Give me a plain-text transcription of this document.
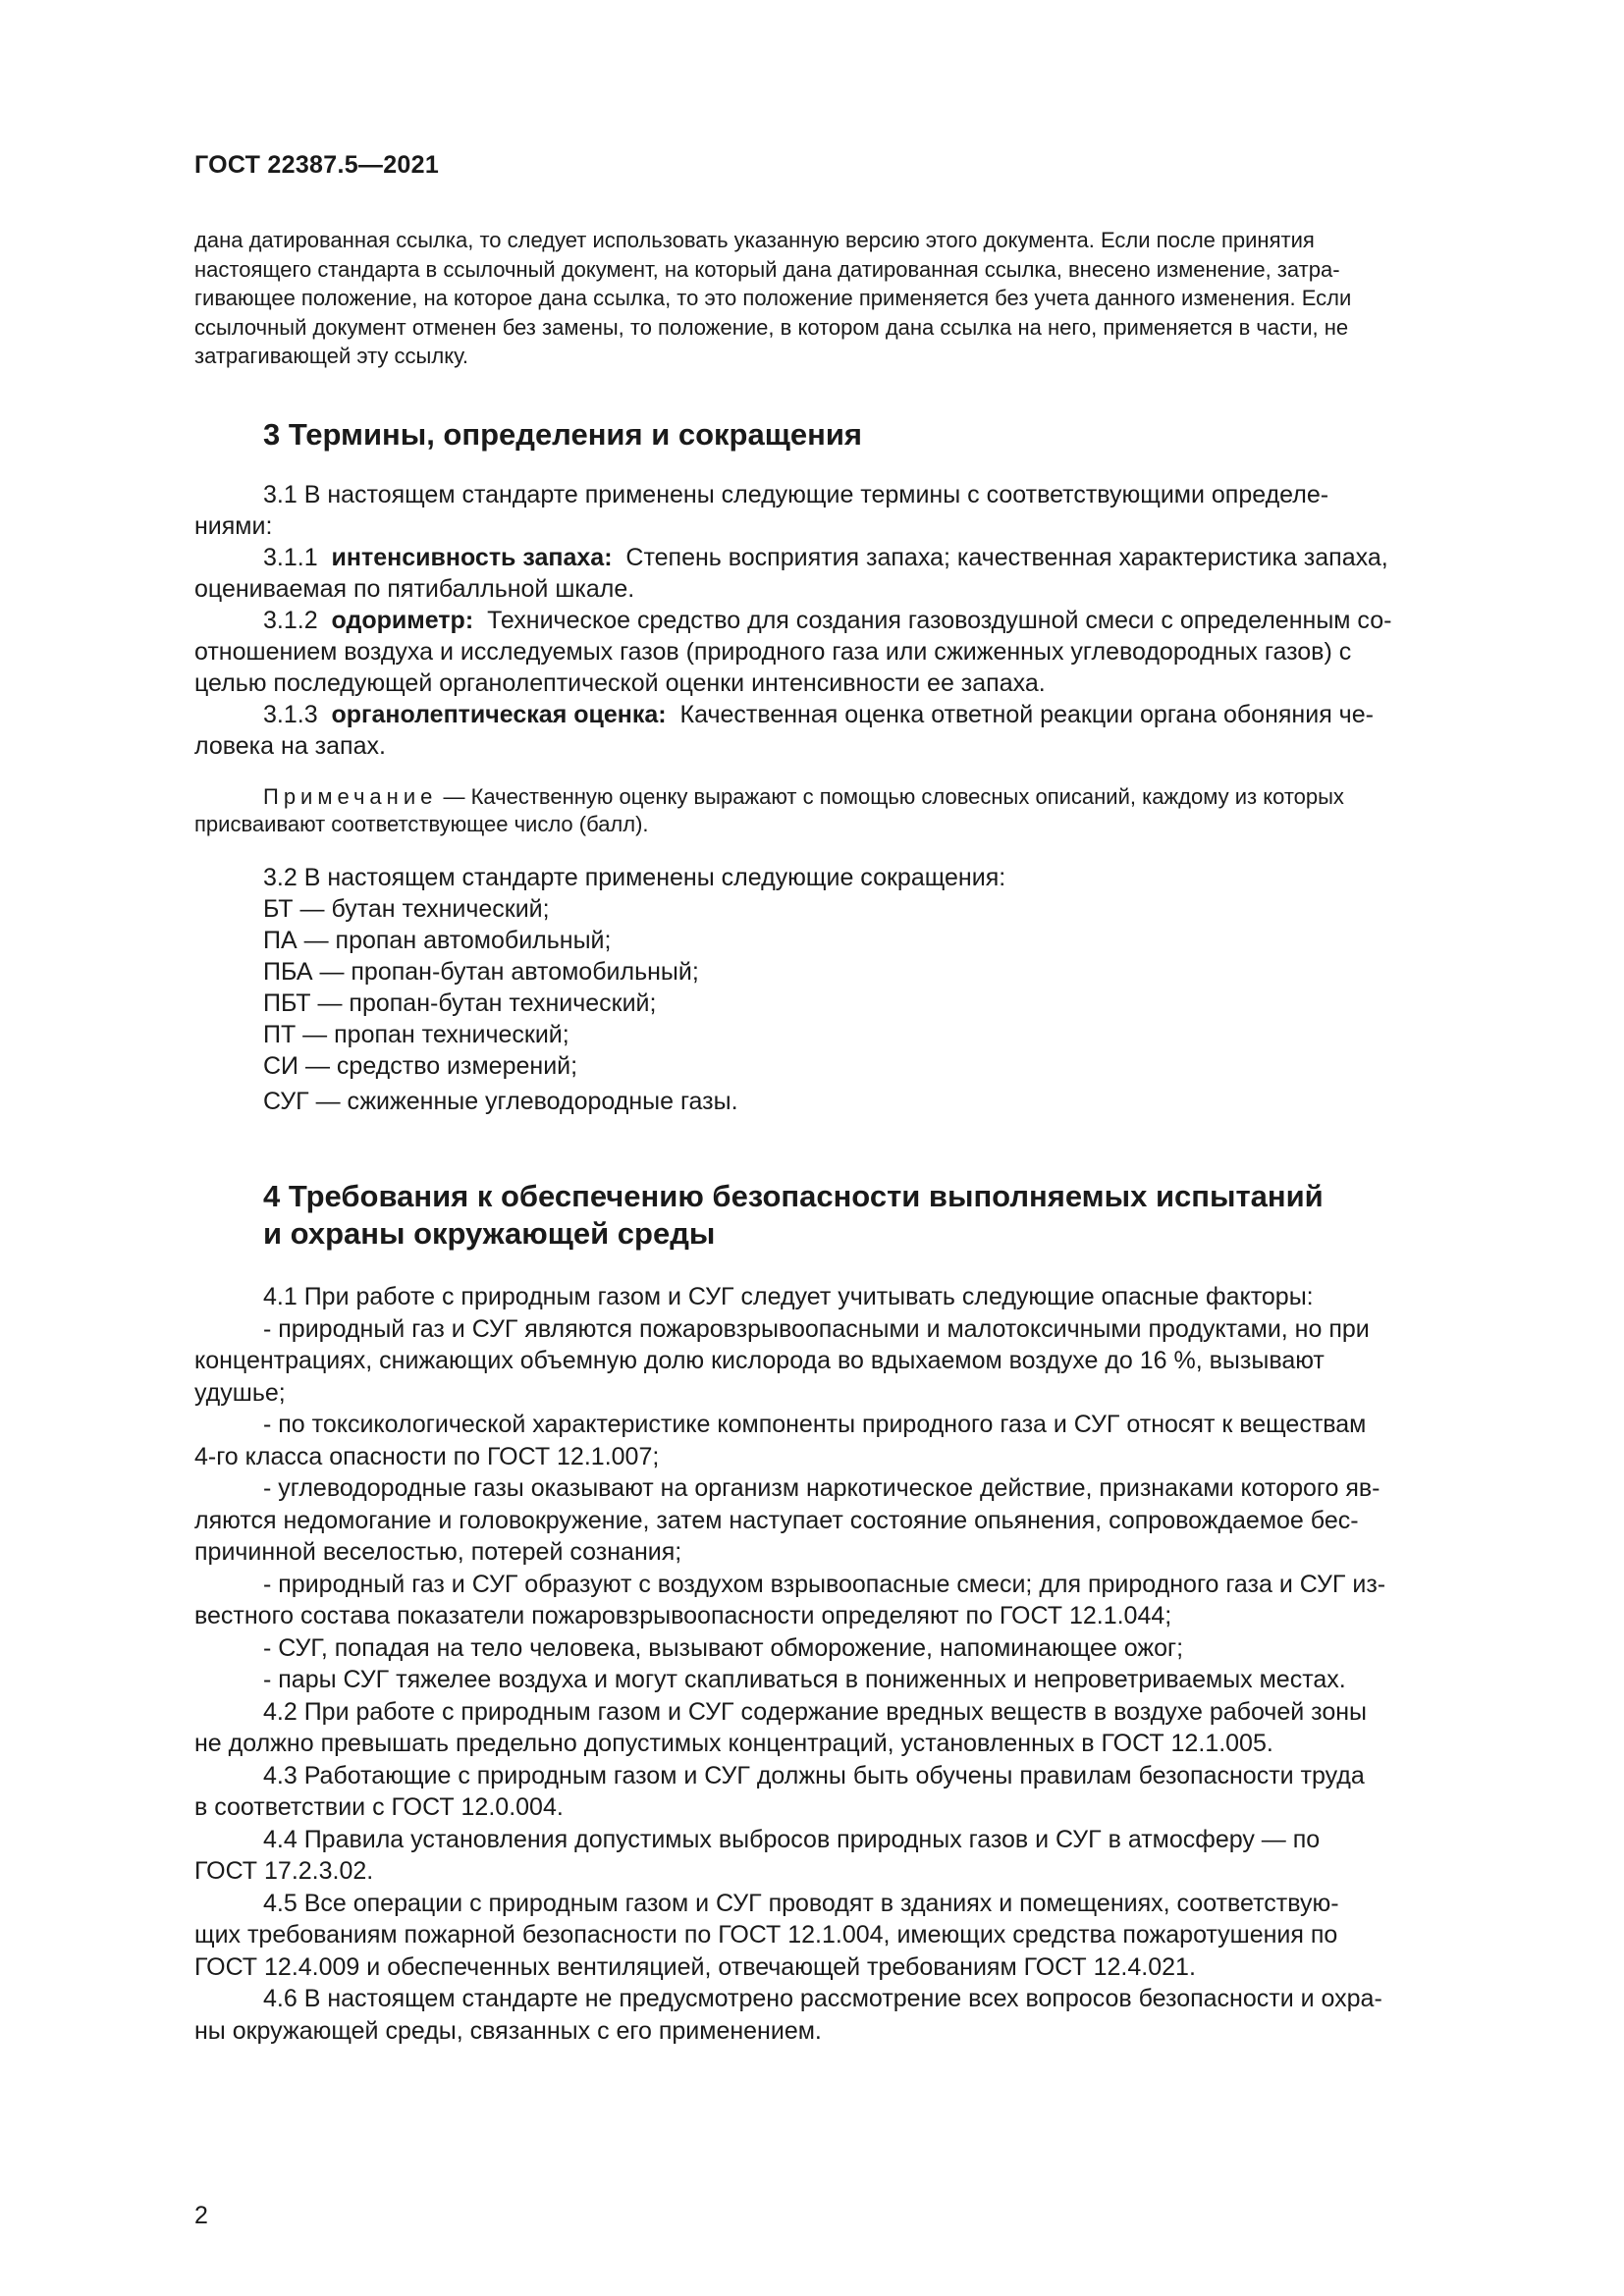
ГОСТ 22387.5—2021

дана датированная ссылка, то следует использовать указанную версию этого документа. Если после принятия

настоящего стандарта в ссылочный документ, на который дана датированная ссылка, внесено изменение, затра-

гивающее положение, на которое дана ссылка, то это положение применяется без учета данного изменения. Если

ссылочный документ отменен без замены, то положение, в котором дана ссылка на него, применяется в части, не

затрагивающей эту ссылку.

3 Термины, определения и сокращения

3.1 В настоящем стандарте применены следующие термины с соответствующими определе-
ниями:

3.1.1 интенсивность запаха: Степень восприятия запаха; качественная характеристика запаха,
оцениваемая по пятибалльной шкале.

3.1.2 одориметр: Техническое средство для создания газовоздушной смеси с определенным со-
отношением воздуха и исследуемых газов (природного газа или сжиженных углеводородных газов) с
целью последующей органолептической оценки интенсивности ее запаха.

3.1.3 органолептическая оценка: Качественная оценка ответной реакции органа обоняния че-
ловека на запах.

Примечание — Качественную оценку выражают с помощью словесных описаний, каждому из которых
присваивают соответствующее число (балл).

3.2 В настоящем стандарте применены следующие сокращения:

БТ — бутан технический;

ПА — пропан автомобильный;

ПБА — пропан-бутан автомобильный;

ПБТ — пропан-бутан технический;

ПТ — пропан технический;

СИ — средство измерений;

СУГ — сжиженные углеводородные газы.

4 Требования к обеспечению безопасности выполняемых испытаний
и охраны окружающей среды

4.1 При работе с природным газом и СУГ следует учитывать следующие опасные факторы:

- природный газ и СУГ являются пожаровзрывоопасными и малотоксичными продуктами, но при
концентрациях, снижающих объемную долю кислорода во вдыхаемом воздухе до 16 %, вызывают
удушье;

- по токсикологической характеристике компоненты природного газа и СУГ относят к веществам
4-го класса опасности по ГОСТ 12.1.007;

- углеводородные газы оказывают на организм наркотическое действие, признаками которого яв-
ляются недомогание и головокружение, затем наступает состояние опьянения, сопровождаемое бес-
причинной веселостью, потерей сознания;

- природный газ и СУГ образуют с воздухом взрывоопасные смеси; для природного газа и СУГ из-
вестного состава показатели пожаровзрывоопасности определяют по ГОСТ 12.1.044;

- СУГ, попадая на тело человека, вызывают обморожение, напоминающее ожог;

- пары СУГ тяжелее воздуха и могут скапливаться в пониженных и непроветриваемых местах.

4.2 При работе с природным газом и СУГ содержание вредных веществ в воздухе рабочей зоны
не должно превышать предельно допустимых концентраций, установленных в ГОСТ 12.1.005.

4.3 Работающие с природным газом и СУГ должны быть обучены правилам безопасности труда
в соответствии с ГОСТ 12.0.004.

4.4 Правила установления допустимых выбросов природных газов и СУГ в атмосферу — по
ГОСТ 17.2.3.02.

4.5 Все операции с природным газом и СУГ проводят в зданиях и помещениях, соответствую-
щих требованиям пожарной безопасности по ГОСТ 12.1.004, имеющих средства пожаротушения по
ГОСТ 12.4.009 и обеспеченных вентиляцией, отвечающей требованиям ГОСТ 12.4.021.

4.6 В настоящем стандарте не предусмотрено рассмотрение всех вопросов безопасности и охра-
ны окружающей среды, связанных с его применением.

2
